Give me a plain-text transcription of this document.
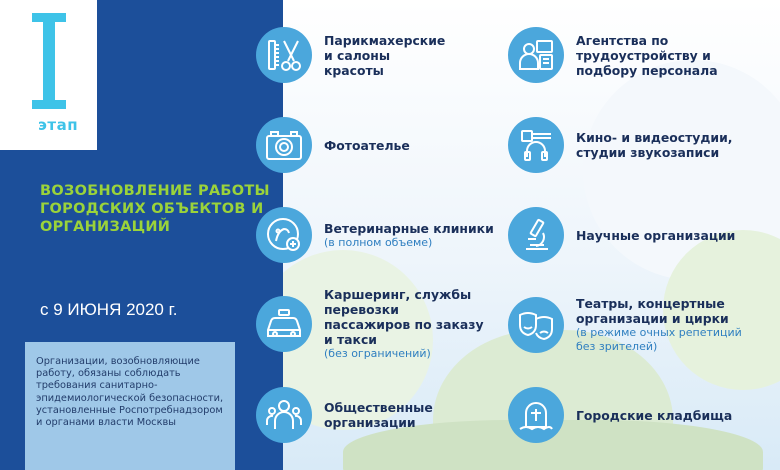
этап
ВОЗОБНОВЛЕНИЕ РАБОТЫ ГОРОДСКИХ ОБЪЕКТОВ И ОРГАНИЗАЦИЙ
с 9 ИЮНЯ 2020 г.
Организации, возобновляющие работу, обязаны соблюдать требования санитарно-эпидемиологической безопасности, установленные Роспотребнадзором и органами власти Москвы
Парикмахерские и салоны красоты
Агентства по трудоустройству и подбору персонала
Фотоателье	Кино- и видеостудии, студии звукозаписи
Ветеринарные клиники
(в полном объеме)	Научные организации
Каршеринг, службы перевозки пассажиров по заказу и такси
(без ограничений)
Театры, концертные организации и цирки
(в режиме очных репетиций без зрителей)
Общественные организации	Городские кладбища
